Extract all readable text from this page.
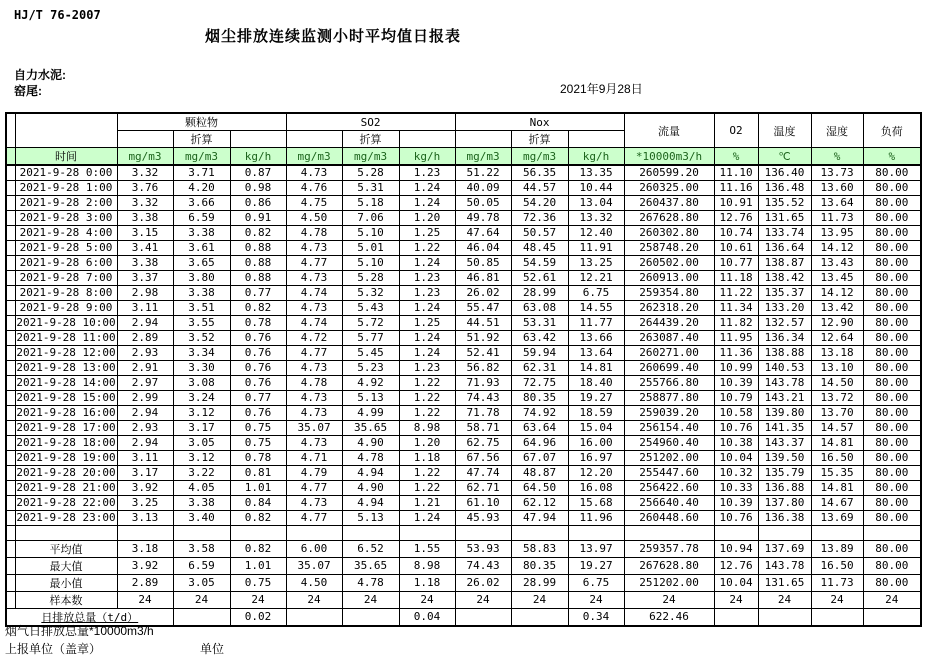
HJ/T 76-2007
烟尘排放连续监测小时平均值日报表
自力水泥:
窑尾:	2021年9月28日
		颗粒物			SO2			Nox			流量	O2	温度	湿度	负荷
			折算			折算			折算						
	时间	mg/m3	mg/m3	kg/h	mg/m3	mg/m3	kg/h	mg/m3	mg/m3	kg/h	*10000m3/h	%	℃	%	%
	2021-9-28 0:00	3.32	3.71	0.87	4.73	5.28	1.23	51.22	56.35	13.35	260599.20	11.10	136.40	13.73	80.00
	2021-9-28 1:00	3.76	4.20	0.98	4.76	5.31	1.24	40.09	44.57	10.44	260325.00	11.16	136.48	13.60	80.00
	2021-9-28 2:00	3.32	3.66	0.86	4.75	5.18	1.24	50.05	54.20	13.04	260437.80	10.91	135.52	13.64	80.00
	2021-9-28 3:00	3.38	6.59	0.91	4.50	7.06	1.20	49.78	72.36	13.32	267628.80	12.76	131.65	11.73	80.00
	2021-9-28 4:00	3.15	3.38	0.82	4.78	5.10	1.25	47.64	50.57	12.40	260302.80	10.74	133.74	13.95	80.00
	2021-9-28 5:00	3.41	3.61	0.88	4.73	5.01	1.22	46.04	48.45	11.91	258748.20	10.61	136.64	14.12	80.00
	2021-9-28 6:00	3.38	3.65	0.88	4.77	5.10	1.24	50.85	54.59	13.25	260502.00	10.77	138.87	13.43	80.00
	2021-9-28 7:00	3.37	3.80	0.88	4.73	5.28	1.23	46.81	52.61	12.21	260913.00	11.18	138.42	13.45	80.00
	2021-9-28 8:00	2.98	3.38	0.77	4.74	5.32	1.23	26.02	28.99	6.75	259354.80	11.22	135.37	14.12	80.00
	2021-9-28 9:00	3.11	3.51	0.82	4.73	5.43	1.24	55.47	63.08	14.55	262318.20	11.34	133.20	13.42	80.00
	2021-9-28 10:00	2.94	3.55	0.78	4.74	5.72	1.25	44.51	53.31	11.77	264439.20	11.82	132.57	12.90	80.00
	2021-9-28 11:00	2.89	3.52	0.76	4.72	5.77	1.24	51.92	63.42	13.66	263087.40	11.95	136.34	12.64	80.00
	2021-9-28 12:00	2.93	3.34	0.76	4.77	5.45	1.24	52.41	59.94	13.64	260271.00	11.36	138.88	13.18	80.00
	2021-9-28 13:00	2.91	3.30	0.76	4.73	5.23	1.23	56.82	62.31	14.81	260699.40	10.99	140.53	13.10	80.00
	2021-9-28 14:00	2.97	3.08	0.76	4.78	4.92	1.22	71.93	72.75	18.40	255766.80	10.39	143.78	14.50	80.00
	2021-9-28 15:00	2.99	3.24	0.77	4.73	5.13	1.22	74.43	80.35	19.27	258877.80	10.79	143.21	13.72	80.00
	2021-9-28 16:00	2.94	3.12	0.76	4.73	4.99	1.22	71.78	74.92	18.59	259039.20	10.58	139.80	13.70	80.00
	2021-9-28 17:00	2.93	3.17	0.75	35.07	35.65	8.98	58.71	63.64	15.04	256154.40	10.76	141.35	14.57	80.00
	2021-9-28 18:00	2.94	3.05	0.75	4.73	4.90	1.20	62.75	64.96	16.00	254960.40	10.38	143.37	14.81	80.00
	2021-9-28 19:00	3.11	3.12	0.78	4.71	4.78	1.18	67.56	67.07	16.97	251202.00	10.04	139.50	16.50	80.00
	2021-9-28 20:00	3.17	3.22	0.81	4.79	4.94	1.22	47.74	48.87	12.20	255447.60	10.32	135.79	15.35	80.00
	2021-9-28 21:00	3.92	4.05	1.01	4.77	4.90	1.22	62.71	64.50	16.08	256422.60	10.33	136.88	14.81	80.00
	2021-9-28 22:00	3.25	3.38	0.84	4.73	4.94	1.21	61.10	62.12	15.68	256640.40	10.39	137.80	14.67	80.00
	2021-9-28 23:00	3.13	3.40	0.82	4.77	5.13	1.24	45.93	47.94	11.96	260448.60	10.76	136.38	13.69	80.00

	平均值	3.18	3.58	0.82	6.00	6.52	1.55	53.93	58.83	13.97	259357.78	10.94	137.69	13.89	80.00
	最大值	3.92	6.59	1.01	35.07	35.65	8.98	74.43	80.35	19.27	267628.80	12.76	143.78	16.50	80.00
	最小值	2.89	3.05	0.75	4.50	4.78	1.18	26.02	28.99	6.75	251202.00	10.04	131.65	11.73	80.00
	样本数	24	24	24	24	24	24	24	24	24	24	24	24	24	24
日排放总量（t/d）				0.02			0.04			0.34	622.46				
烟气日排放总量*10000m3/h
上报单位（盖章）	单位
